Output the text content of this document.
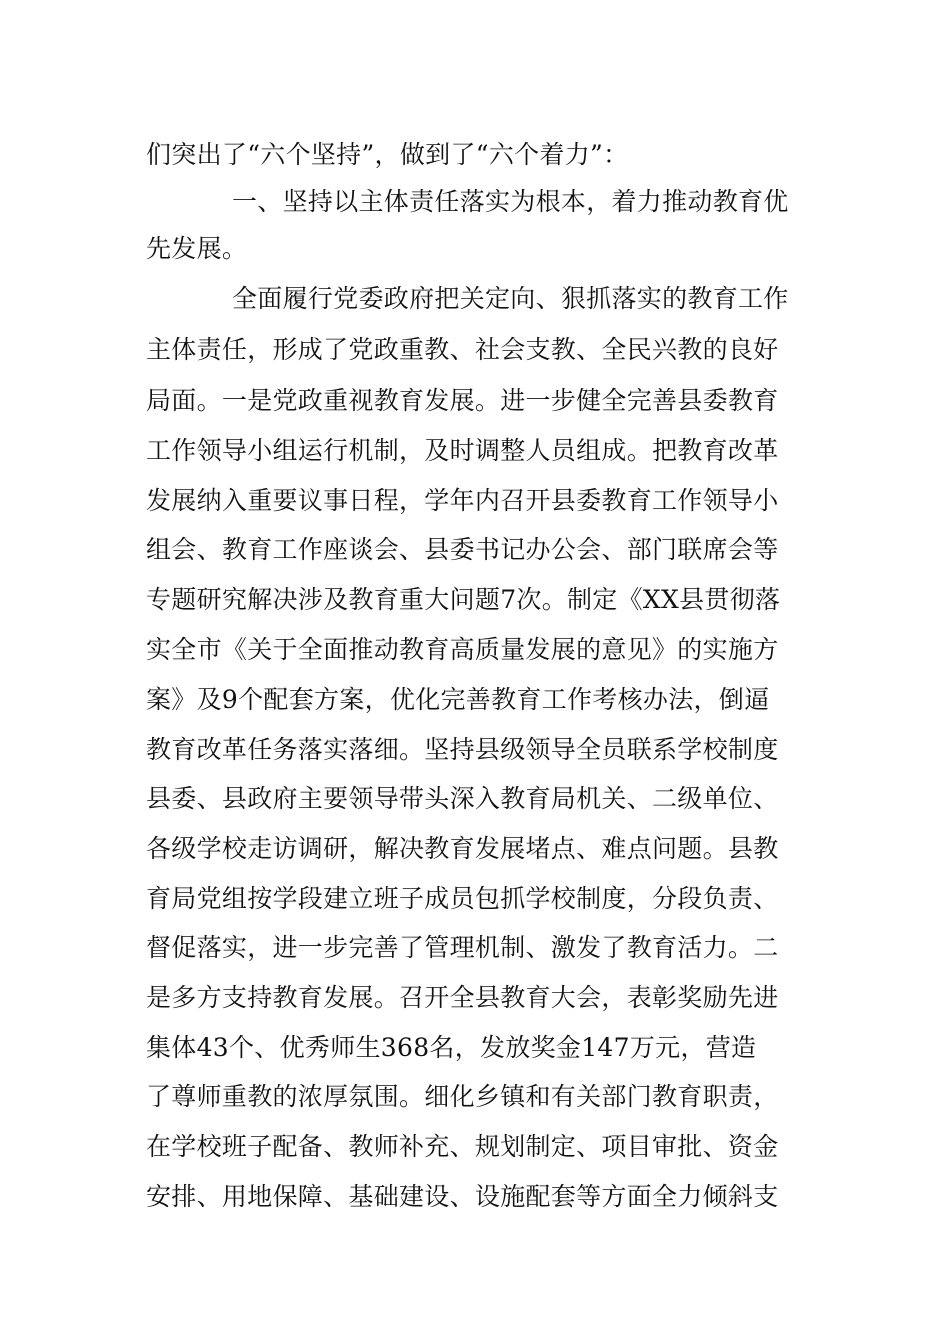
们突出了“六个坚持”，做到了“六个着力”：
一、坚持以主体责任落实为根本，着力推动教育优
先发展。
全面履行党委政府把关定向、狠抓落实的教育工作
主体责任，形成了党政重教、社会支教、全民兴教的良好
局面。一是党政重视教育发展。进一步健全完善县委教育
工作领导小组运行机制，及时调整人员组成。把教育改革
发展纳入重要议事日程，学年内召开县委教育工作领导小
组会、教育工作座谈会、县委书记办公会、部门联席会等
专题研究解决涉及教育重大问题7次。制定《XX县贯彻落
实全市《关于全面推动教育高质量发展的意见》的实施方
案》及9个配套方案，优化完善教育工作考核办法，倒逼
教育改革任务落实落细。坚持县级领导全员联系学校制度
县委、县政府主要领导带头深入教育局机关、二级单位、
各级学校走访调研，解决教育发展堵点、难点问题。县教
育局党组按学段建立班子成员包抓学校制度，分段负责、
督促落实，进一步完善了管理机制、激发了教育活力。二
是多方支持教育发展。召开全县教育大会，表彰奖励先进
集体43个、优秀师生368名，发放奖金147万元，营造
了尊师重教的浓厚氛围。细化乡镇和有关部门教育职责，
在学校班子配备、教师补充、规划制定、项目审批、资金
安排、用地保障、基础建设、设施配套等方面全力倾斜支
